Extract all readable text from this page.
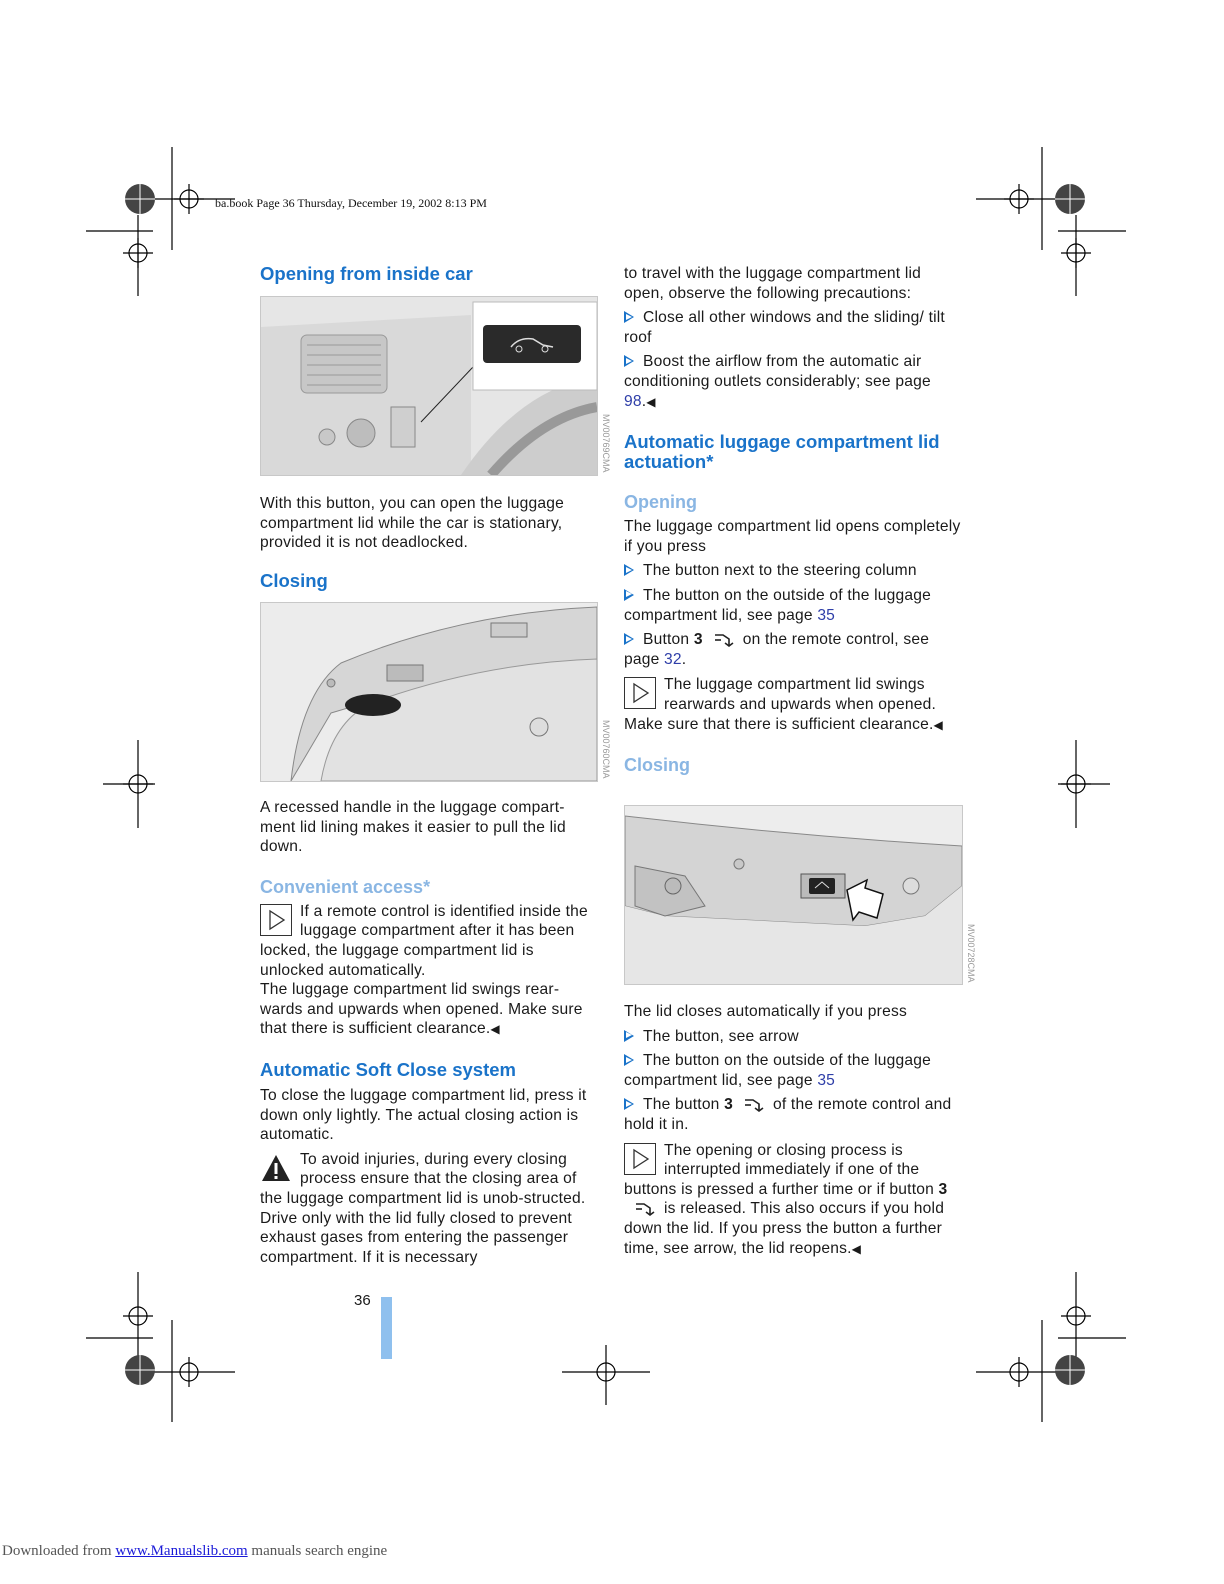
ba.book Page 36 Thursday, December 19, 2002 8:13 PM
Opening from inside car
MV00769CMA

With this button, you can open the luggage compartment lid while the car is stationary, provided it is not deadlocked.

Closing
MV00760CMA

A recessed handle in the luggage compart-ment lid lining makes it easier to pull the lid down.

Convenient access*

If a remote control is identified inside the luggage compartment after it has been locked, the luggage compartment lid is unlocked automatically.

The luggage compartment lid swings rear-wards and upwards when opened. Make sure that there is sufficient clearance.◀

Automatic Soft Close system

To close the luggage compartment lid, press it down only lightly. The actual closing action is automatic.

To avoid injuries, during every closing process ensure that the closing area of the luggage compartment lid is unob-structed. Drive only with the lid fully closed to prevent exhaust gases from entering the passenger compartment. If it is necessary

to travel with the luggage compartment lid open, observe the following precautions:

Close all other windows and the sliding/ tilt roof

Boost the airflow from the automatic air conditioning outlets considerably; see page 98.◀

Automatic luggage compartment lid actuation*
Opening

The luggage compartment lid opens completely if you press

The button next to the steering column

The button on the outside of the luggage compartment lid, see page 35

Button 3	on the remote control, see page 32.

The luggage compartment lid swings rearwards and upwards when opened. Make sure that there is sufficient clearance.◀

Closing
MV00728CMA

The lid closes automatically if you press

The button, see arrow

The button on the outside of the luggage compartment lid, see page 35

The button 3	of the remote control and hold it in.

The opening or closing process is interrupted immediately if one of the buttons is pressed a further time or if button 3is released. This also occurs if you hold down the lid. If you press the button a further time, see arrow, the lid reopens.◀

36
Downloaded from www.Manualslib.com manuals search engine
